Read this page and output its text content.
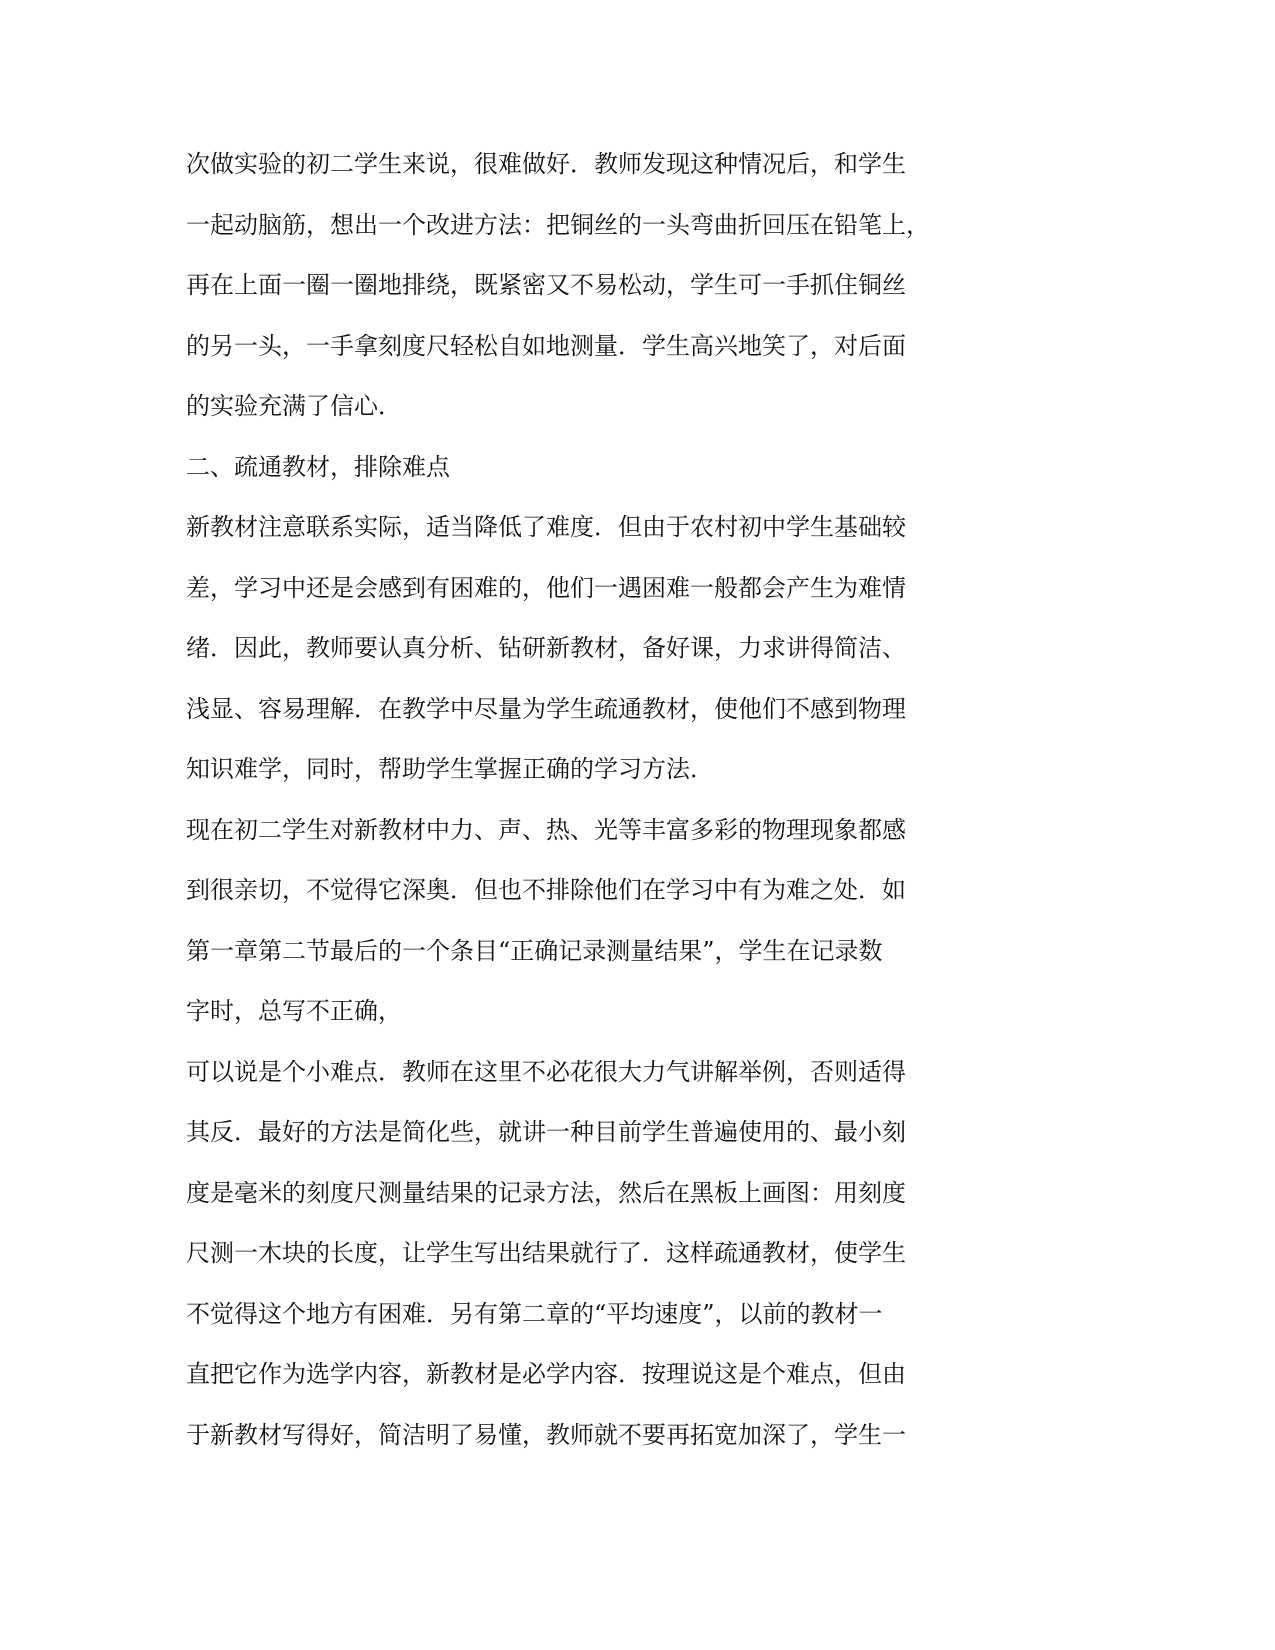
次做实验的初二学生来说，很难做好．教师发现这种情况后，和学生
一起动脑筋，想出一个改进方法：把铜丝的一头弯曲折回压在铅笔上，
再在上面一圈一圈地排绕，既紧密又不易松动，学生可一手抓住铜丝
的另一头，一手拿刻度尺轻松自如地测量．学生高兴地笑了，对后面
的实验充满了信心．
二、疏通教材，排除难点
新教材注意联系实际，适当降低了难度．但由于农村初中学生基础较
差，学习中还是会感到有困难的，他们一遇困难一般都会产生为难情
绪．因此，教师要认真分析、钻研新教材，备好课，力求讲得简洁、
浅显、容易理解．在教学中尽量为学生疏通教材，使他们不感到物理
知识难学，同时，帮助学生掌握正确的学习方法．
现在初二学生对新教材中力、声、热、光等丰富多彩的物理现象都感
到很亲切，不觉得它深奥．但也不排除他们在学习中有为难之处．如
第一章第二节最后的一个条目“正确记录测量结果”，学生在记录数
字时，总写不正确，
可以说是个小难点．教师在这里不必花很大力气讲解举例，否则适得
其反．最好的方法是简化些，就讲一种目前学生普遍使用的、最小刻
度是毫米的刻度尺测量结果的记录方法，然后在黑板上画图：用刻度
尺测一木块的长度，让学生写出结果就行了．这样疏通教材，使学生
不觉得这个地方有困难．另有第二章的“平均速度”，以前的教材一
直把它作为选学内容，新教材是必学内容．按理说这是个难点，但由
于新教材写得好，简洁明了易懂，教师就不要再拓宽加深了，学生一
